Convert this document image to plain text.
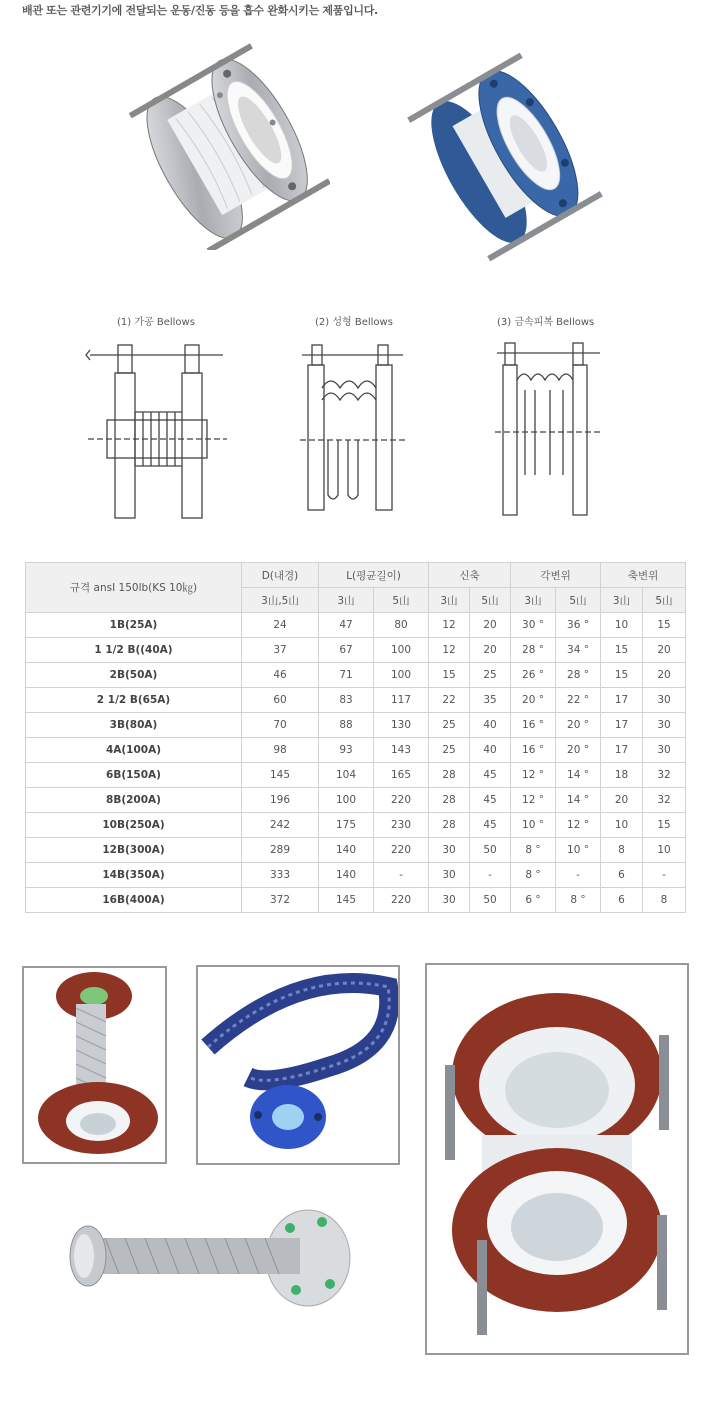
배관 또는 관련기기에 전달되는 운동/진동 등을 흡수 완화시키는 제품입니다.
(1) 가공 Bellows	(2) 성형 Bellows	(3) 금속피복 Bellows
규격 ansI 150lb(KS 10㎏)	D(내경)	L(평균길이)		신축		각변위		축변위	
	3山,5山	3山	5山	3山	5山	3山	5山	3山	5山
1B(25A)	24	47	80	12	20	30 °	36 °	10	15
1 1/2 B((40A)	37	67	100	12	20	28 °	34 °	15	20
2B(50A)	46	71	100	15	25	26 °	28 °	15	20
2 1/2 B(65A)	60	83	117	22	35	20 °	22 °	17	30
3B(80A)	70	88	130	25	40	16 °	20 °	17	30
4A(100A)	98	93	143	25	40	16 °	20 °	17	30
6B(150A)	145	104	165	28	45	12 °	14 °	18	32
8B(200A)	196	100	220	28	45	12 °	14 °	20	32
10B(250A)	242	175	230	28	45	10 °	12 °	10	15
12B(300A)	289	140	220	30	50	8 °	10 °	8	10
14B(350A)	333	140	-	30	-	8 °	-	6	-
16B(400A)	372	145	220	30	50	6 °	8 °	6	8
